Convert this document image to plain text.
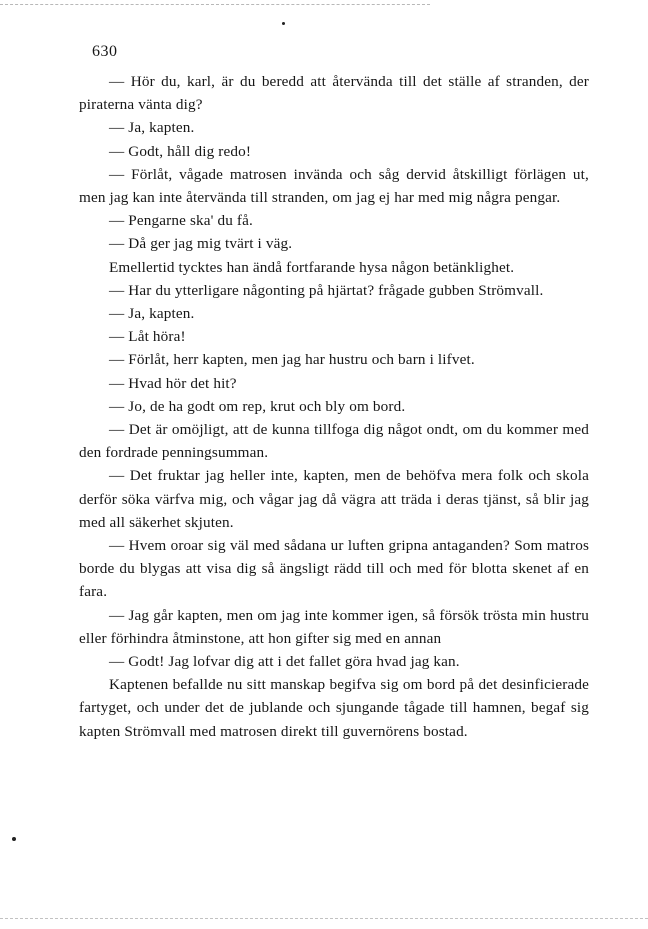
630

— Hör du, karl, är du beredd att återvända till det ställe af stranden, der piraterna vänta dig?

— Ja, kapten.

— Godt, håll dig redo!

— Förlåt, vågade matrosen invända och såg dervid åtskilligt förlägen ut, men jag kan inte återvända till stranden, om jag ej har med mig några pengar.

— Pengarne ska' du få.

— Då ger jag mig tvärt i väg.

Emellertid tycktes han ändå fortfarande hysa någon betänklighet.

— Har du ytterligare någonting på hjärtat? frågade gubben Strömvall.

— Ja, kapten.

— Låt höra!

— Förlåt, herr kapten, men jag har hustru och barn i lifvet.

— Hvad hör det hit?

— Jo, de ha godt om rep, krut och bly om bord.

— Det är omöjligt, att de kunna tillfoga dig något ondt, om du kommer med den fordrade penningsumman.

— Det fruktar jag heller inte, kapten, men de behöfva mera folk och skola derför söka värfva mig, och vågar jag då vägra att träda i deras tjänst, så blir jag med all säkerhet skjuten.

— Hvem oroar sig väl med sådana ur luften gripna antaganden? Som matros borde du blygas att visa dig så ängsligt rädd till och med för blotta skenet af en fara.

— Jag går kapten, men om jag inte kommer igen, så försök trösta min hustru eller förhindra åtminstone, att hon gifter sig med en annan

— Godt! Jag lofvar dig att i det fallet göra hvad jag kan.

Kaptenen befallde nu sitt manskap begifva sig om bord på det desinficierade fartyget, och under det de jublande och sjungande tågade till hamnen, begaf sig kapten Strömvall med matrosen direkt till guvernörens bostad.
